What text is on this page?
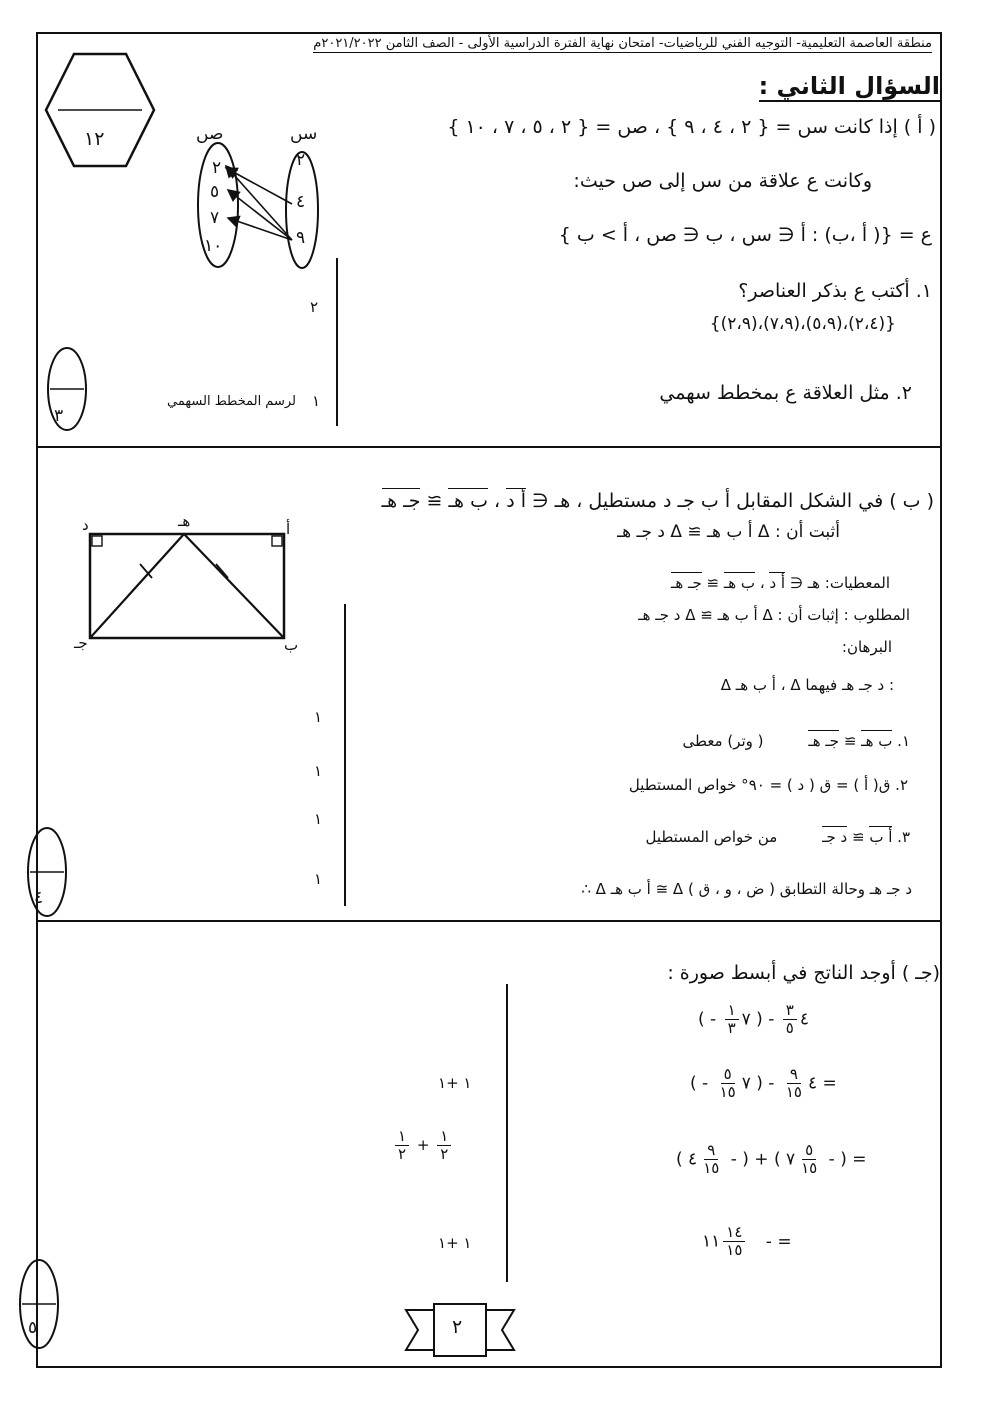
منطقة العاصمة التعليمية- التوجيه الفني للرياضيات- امتحان نهاية الفترة الدراسية الأولى - الصف الثامن ٢٠٢١/٢٠٢٢م
١٢
السؤال الثاني :
( أ ) إذا كانت سں = { ٢ ، ٤ ، ٩ } ، صں = { ٢ ، ٥ ، ٧ ، ١٠ }
وكانت ع علاقة من سں إلى صں حيث:
ع = {( أ ،ب) : أ ∈ سں ، ب ∈ صں ، أ > ب }
١. أكتب ع بذكر العناصر؟
{(٢،٩)،(٧،٩)،(٥،٩)،(٢،٤)}
٢. مثل العلاقة ع بمخطط سهمي
صں	سں
٢
٥
٧
١٠
٢
٤
٩
٢
١
لرسم المخطط السهمي
٣
( ب ) في الشكل المقابل أ ب جـ د مستطيل ، هـ ∈ أ د ، ب هـ ≅ جـ هـ
أثبت أن : Δ أ ب هـ ≅ Δ د جـ هـ
د	هـ	أ
جـ	ب
المعطيات: هـ ∈ أ د ، ب هـ ≅ جـ هـ
المطلوب : إثبات أن : Δ أ ب هـ ≅ Δ د جـ هـ
البرهان:
Δ أ ب هـ ، Δ د جـ هـ فيهما :
١. ب هـ ≅ جـ هـ ( وتر) معطى
٢. ق( أ ) = ق ( د ) = ٩٠° خواص المستطيل
٣. أ ب ≅ د جـ من خواص المستطيل
∴ Δ أ ب هـ ≅ Δ د جـ هـ وحالة التطابق ( ض ، و ، ق )
١
١
١
١
٤
(جـ ) أوجد الناتج في أبسط صورة :
٤
$\frac{٣}{٥}$
- ( ٧
$\frac{١}{٣}$
- )
٤
$\frac{٩}{١٥}$
- ( ٧
$\frac{٥}{١٥}$
- ) =
( ٤ $\frac{٩}{١٥}$ - ) + ( ٧ $\frac{٥}{١٥}$ - ) =
١١ $\frac{١٤}{١٥}$ - =
١ +١
$\frac{١}{٢} + \frac{١}{٢}$
١ +١
٥	٢
